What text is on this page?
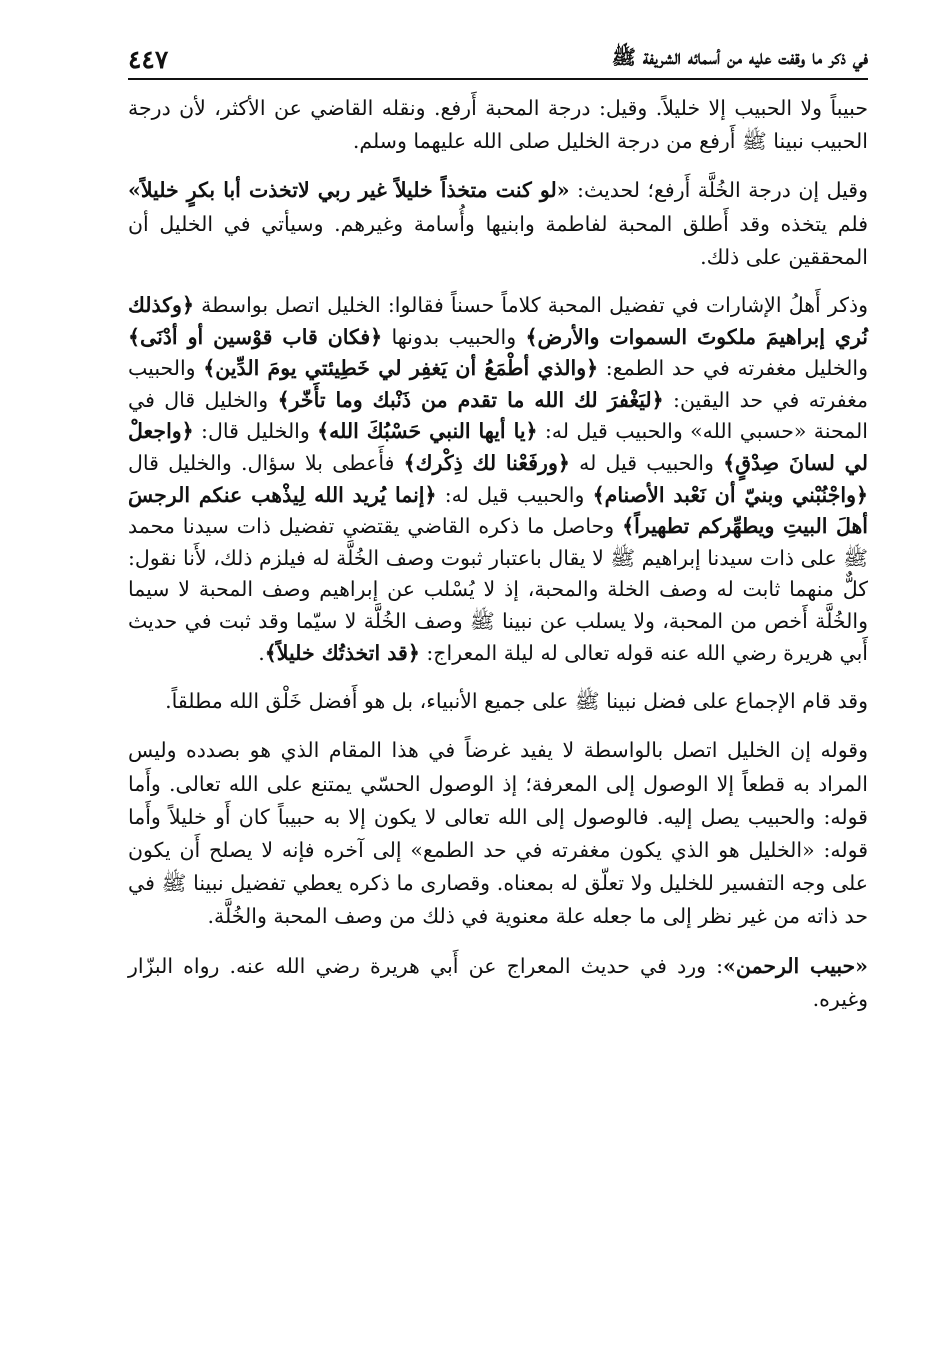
٤٤٧	في ذكر ما وقفت عليه من أسمائه الشريفة ﷺ

حبيباً ولا الحبيب إلا خليلاً. وقيل: درجة المحبة أَرفع. ونقله القاضي عن الأكثر، لأن درجة الحبيب نبينا ﷺ أَرفع من درجة الخليل صلى الله عليهما وسلم.

وقيل إن درجة الخُلَّة أَرفع؛ لحديث: «لو كنت متخذاً خليلاً غير ربي لاتخذت أبا بكرٍ خليلاً» فلم يتخذه وقد أَطلق المحبة لفاطمة وابنيها وأُسامة وغيرهم. وسيأتي في الخليل أن المحققين على ذلك.

وذكر أَهلُ الإشارات في تفضيل المحبة كلاماً حسناً فقالوا: الخليل اتصل بواسطة ﴿وكذلك نُري إبراهيمَ ملكوتَ السموات والأرض﴾ والحبيب بدونها ﴿فكان قاب قوْسين أو أدْنَى﴾ والخليل مغفرته في حد الطمع: ﴿والذي أطْمَعُ أن يَغفِر لي خَطِيئتي يومَ الدِّين﴾ والحبيب مغفرته في حد اليقين: ﴿ليَغْفرَ لك الله ما تقدم من ذَنْبك وما تأَخّر﴾ والخليل قال في المحنة «حسبي الله» والحبيب قيل له: ﴿يا أيها النبي حَسْبُكَ الله﴾ والخليل قال: ﴿واجعلْ لي لسانَ صِدْقٍ﴾ والحبيب قيل له ﴿ورفَعْنا لك ذِكْرك﴾ فأَعطى بلا سؤال. والخليل قال ﴿واجْنُبْني وبنيّ أن نَعْبد الأصنام﴾ والحبيب قيل له: ﴿إنما يُريد الله لِيذْهب عنكم الرجسَ أهلَ البيتِ ويطهِّركم تطهيراً﴾ وحاصل ما ذكره القاضي يقتضي تفضيل ذات سيدنا محمد ﷺ على ذات سيدنا إبراهيم ﷺ لا يقال باعتبار ثبوت وصف الخُلَّة له فيلزم ذلك، لأَنا نقول: كلٌّ منهما ثابت له وصف الخلة والمحبة، إذ لا يُسْلب عن إبراهيم وصف المحبة لا سيما والخُلَّة أَخص من المحبة، ولا يسلب عن نبينا ﷺ وصف الخُلَّة لا سيّما وقد ثبت في حديث أَبي هريرة رضي الله عنه قوله تعالى له ليلة المعراج: ﴿قد اتخذتُك خليلاً﴾.

وقد قام الإجماع على فضل نبينا ﷺ على جميع الأنبياء، بل هو أَفضل خَلْق الله مطلقاً.

وقوله إن الخليل اتصل بالواسطة لا يفيد غرضاً في هذا المقام الذي هو بصدده وليس المراد به قطعاً إلا الوصول إلى المعرفة؛ إذ الوصول الحسّي يمتنع على الله تعالى. وأَما قوله: والحبيب يصل إليه. فالوصول إلى الله تعالى لا يكون إلا به حبيباً كان أَو خليلاً وأَما قوله: «الخليل هو الذي يكون مغفرته في حد الطمع» إلى آخره فإنه لا يصلح أَن يكون على وجه التفسير للخليل ولا تعلّق له بمعناه. وقصارى ما ذكره يعطي تفضيل نبينا ﷺ في حد ذاته من غير نظر إلى ما جعله علة معنوية في ذلك من وصف المحبة والخُلَّة.

«حبيب الرحمن»: ورد في حديث المعراج عن أَبي هريرة رضي الله عنه. رواه البزّار وغيره.
